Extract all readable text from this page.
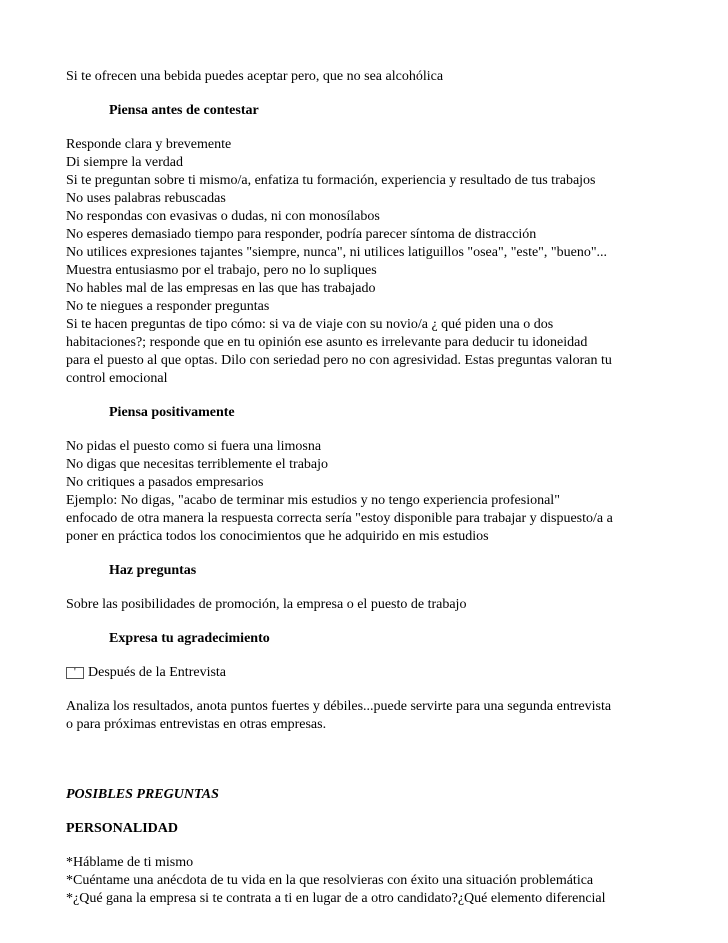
Si te ofrecen una bebida puedes aceptar pero, que no sea alcohólica
Piensa antes de contestar
Responde clara y brevemente
Di siempre la verdad
Si te preguntan sobre ti mismo/a, enfatiza tu formación, experiencia y resultado de tus trabajos
No uses palabras rebuscadas
No respondas con evasivas o dudas, ni con monosílabos
No esperes demasiado tiempo para responder, podría parecer síntoma de distracción
No utilices expresiones tajantes "siempre, nunca", ni utilices latiguillos "osea", "este", "bueno"...
Muestra entusiasmo por el trabajo, pero no lo supliques
No hables mal de las empresas en las que has trabajado
No te niegues a responder preguntas
Si te hacen preguntas de tipo cómo: si va de viaje con su novio/a ¿ qué piden una o dos
habitaciones?; responde que en tu opinión ese asunto es irrelevante para deducir tu idoneidad
para el puesto al que optas. Dilo con seriedad pero no con agresividad. Estas preguntas valoran tu
control emocional
Piensa positivamente
No pidas el puesto como si fuera una limosna
No digas que necesitas terriblemente el trabajo
No critiques a pasados empresarios
Ejemplo: No digas, "acabo de terminar mis estudios y no tengo experiencia profesional"
enfocado de otra manera la respuesta correcta sería "estoy disponible para trabajar y dispuesto/a a
poner en práctica todos los conocimientos que he adquirido en mis estudios
Haz preguntas
Sobre las posibilidades de promoción, la empresa o el puesto de trabajo
Expresa tu agradecimiento
' Después de la Entrevista
Analiza los resultados, anota puntos fuertes y débiles...puede servirte para una segunda entrevista
o para próximas entrevistas en otras empresas.
POSIBLES PREGUNTAS
PERSONALIDAD
*Háblame de ti mismo
*Cuéntame una anécdota de tu vida en la que resolvieras con éxito una situación problemática
*¿Qué gana la empresa si te contrata a ti en lugar de a otro candidato?¿Qué elemento diferencial
